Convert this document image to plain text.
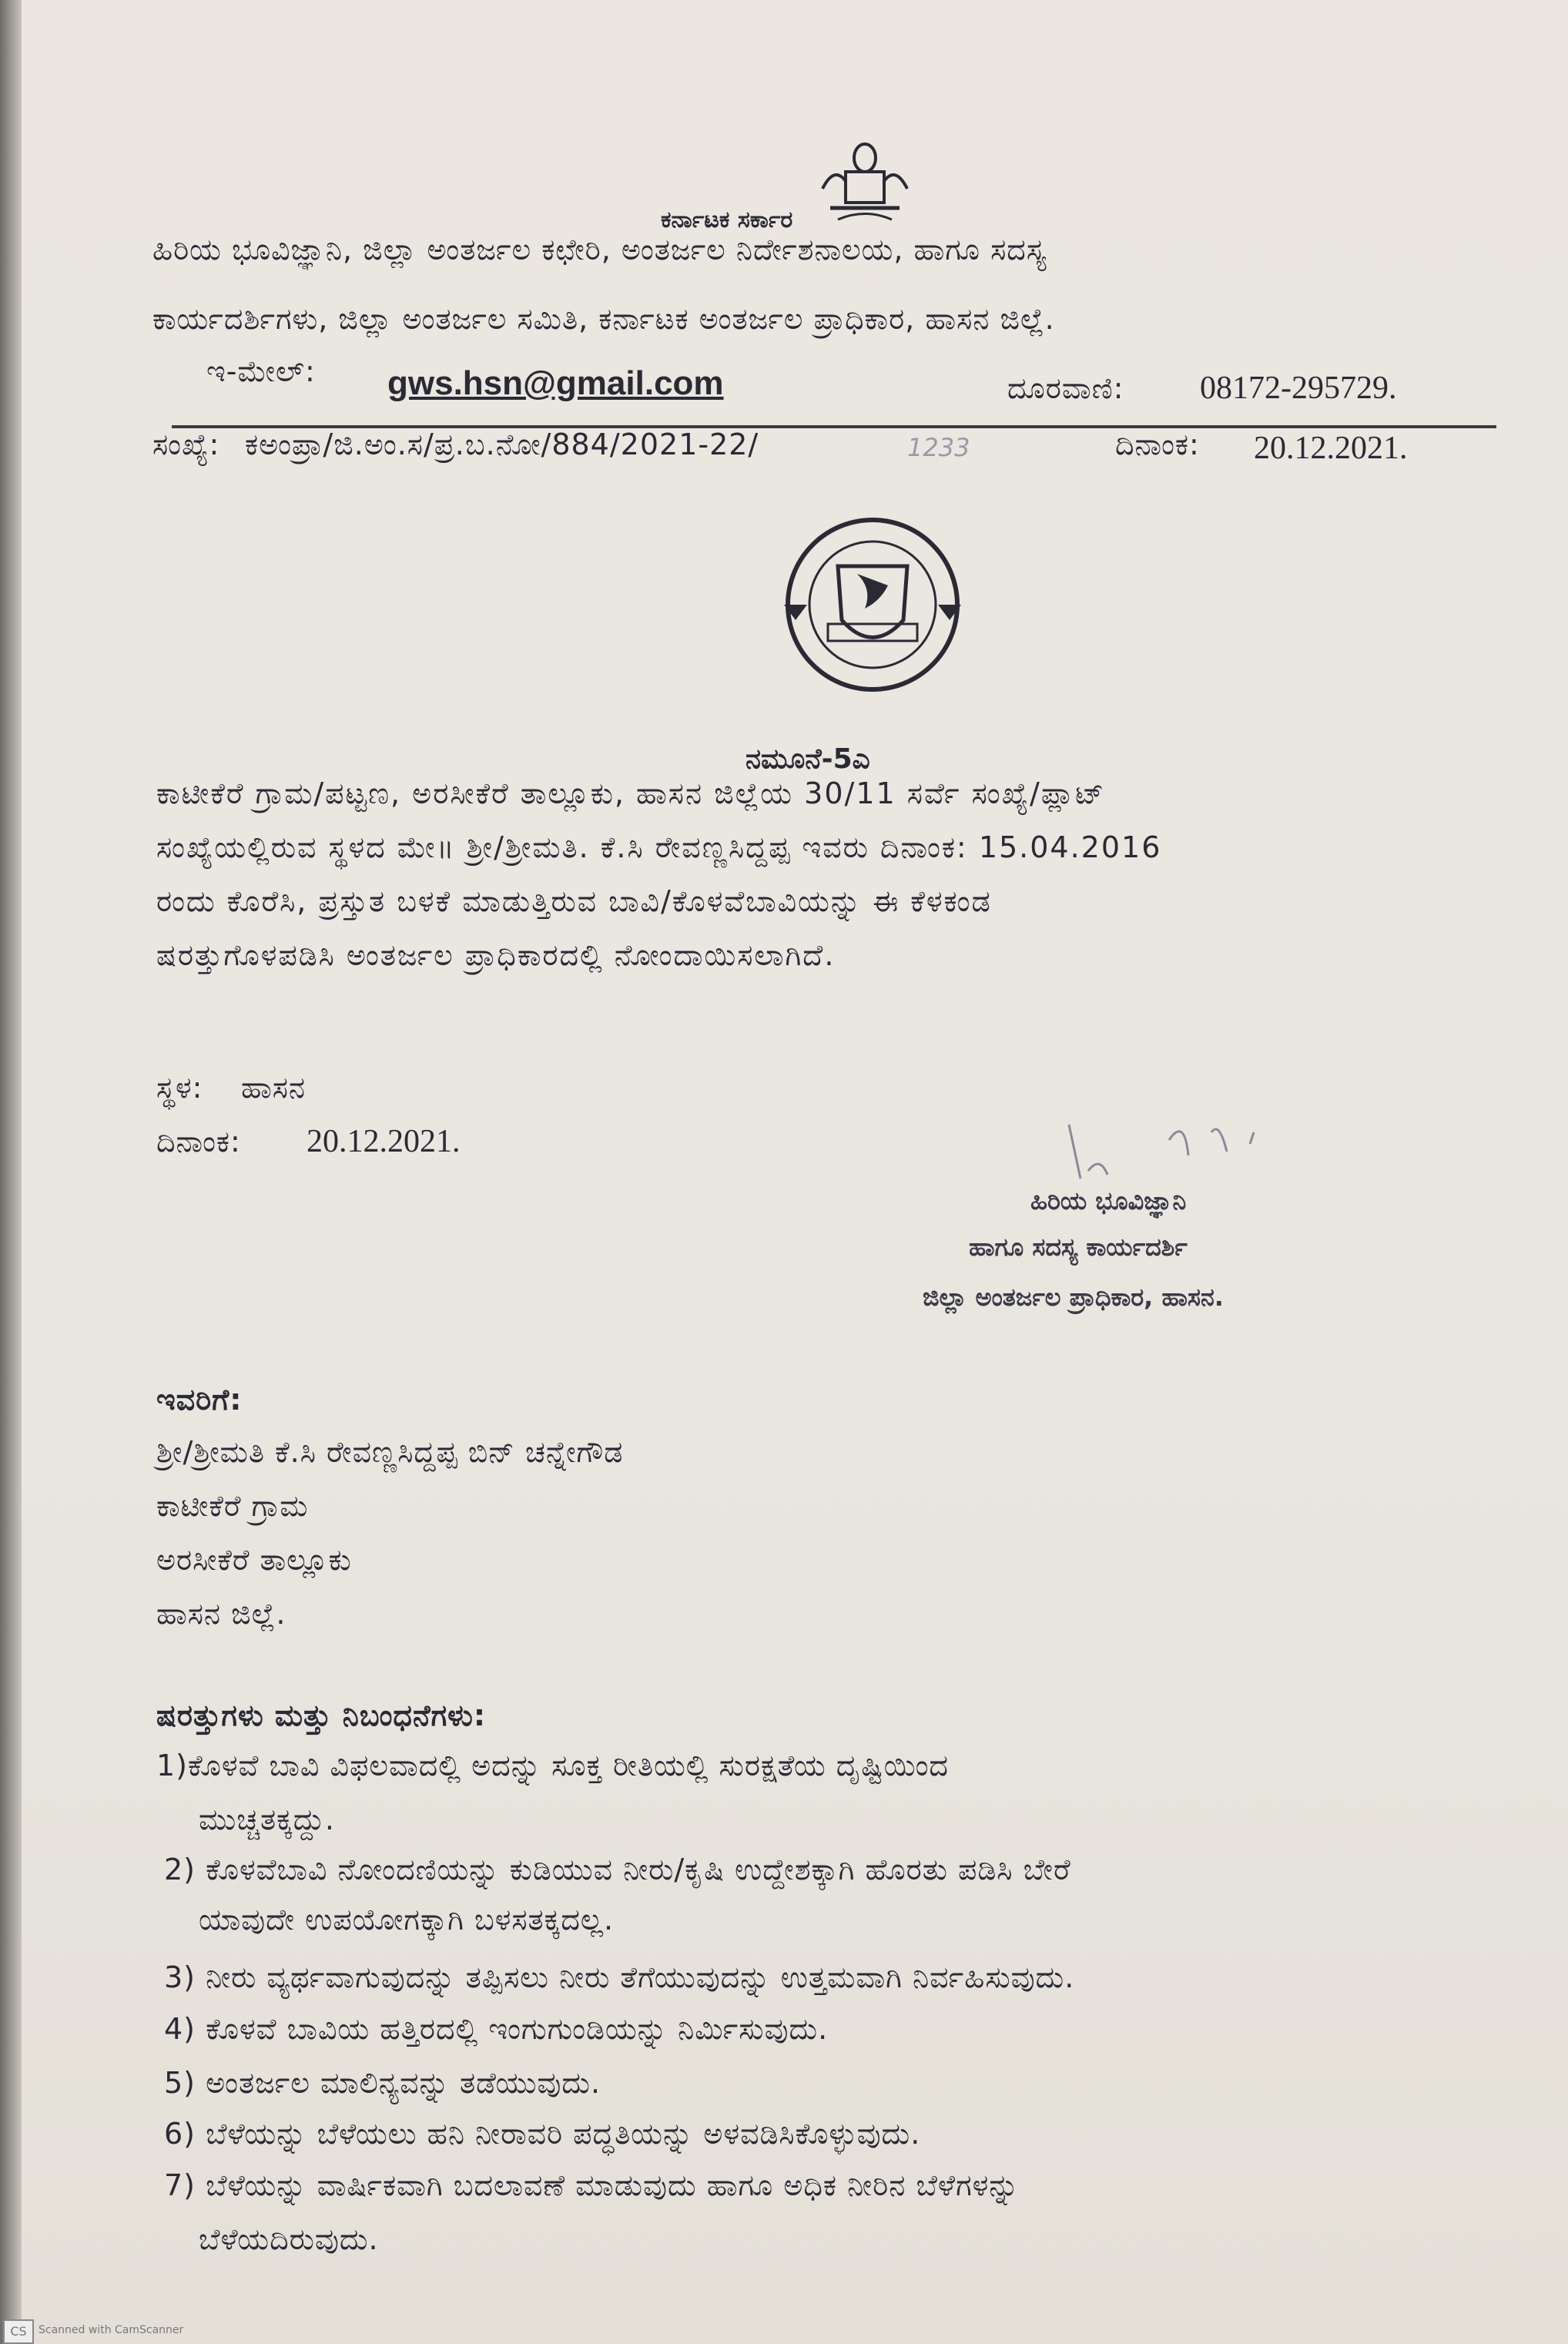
ಕರ್ನಾಟಕ ಸರ್ಕಾರ
ಹಿರಿಯ ಭೂವಿಜ್ಞಾನಿ, ಜಿಲ್ಲಾ ಅಂತರ್ಜಲ ಕಛೇರಿ, ಅಂತರ್ಜಲ ನಿರ್ದೇಶನಾಲಯ, ಹಾಗೂ ಸದಸ್ಯ
ಕಾರ್ಯದರ್ಶಿಗಳು, ಜಿಲ್ಲಾ ಅಂತರ್ಜಲ ಸಮಿತಿ, ಕರ್ನಾಟಕ ಅಂತರ್ಜಲ ಪ್ರಾಧಿಕಾರ, ಹಾಸನ ಜಿಲ್ಲೆ.
ಇ-ಮೇಲ್: gws.hsn@gmail.com	ದೂರವಾಣಿ: 08172-295729.
ಸಂಖ್ಯೆ: ಕಅಂಪ್ರಾ/ಜಿ.ಅಂ.ಸ/ಪ್ರ.ಬ.ನೋ/884/2021-22/	1233	ದಿನಾಂಕ: 20.12.2021.
ನಮೂನೆ-5ಎ
ಕಾಟೀಕೆರೆ ಗ್ರಾಮ/ಪಟ್ಟಣ, ಅರಸೀಕೆರೆ ತಾಲ್ಲೂಕು, ಹಾಸನ ಜಿಲ್ಲೆಯ 30/11 ಸರ್ವೆ ಸಂಖ್ಯೆ/ಪ್ಲಾಟ್
ಸಂಖ್ಯೆಯಲ್ಲಿರುವ ಸ್ಥಳದ ಮೇ॥ ಶ್ರೀ/ಶ್ರೀಮತಿ. ಕೆ.ಸಿ ರೇವಣ್ಣಸಿದ್ದಪ್ಪ ಇವರು ದಿನಾಂಕ: 15.04.2016
ರಂದು ಕೊರೆಸಿ, ಪ್ರಸ್ತುತ ಬಳಕೆ ಮಾಡುತ್ತಿರುವ ಬಾವಿ/ಕೊಳವೆಬಾವಿಯನ್ನು ಈ ಕೆಳಕಂಡ
ಷರತ್ತುಗೊಳಪಡಿಸಿ ಅಂತರ್ಜಲ ಪ್ರಾಧಿಕಾರದಲ್ಲಿ ನೋಂದಾಯಿಸಲಾಗಿದೆ.
ಸ್ಥಳ: ಹಾಸನ
ದಿನಾಂಕ: 20.12.2021.
ಹಿರಿಯ ಭೂವಿಜ್ಞಾನಿ
ಹಾಗೂ ಸದಸ್ಯ ಕಾರ್ಯದರ್ಶಿ
ಜಿಲ್ಲಾ ಅಂತರ್ಜಲ ಪ್ರಾಧಿಕಾರ, ಹಾಸನ.
ಇವರಿಗೆ:
ಶ್ರೀ/ಶ್ರೀಮತಿ ಕೆ.ಸಿ ರೇವಣ್ಣಸಿದ್ದಪ್ಪ ಬಿನ್ ಚನ್ನೇಗೌಡ
ಕಾಟೀಕೆರೆ ಗ್ರಾಮ
ಅರಸೀಕೆರೆ ತಾಲ್ಲೂಕು
ಹಾಸನ ಜಿಲ್ಲೆ.
ಷರತ್ತುಗಳು ಮತ್ತು ನಿಬಂಧನೆಗಳು:
1)ಕೊಳವೆ ಬಾವಿ ವಿಫಲವಾದಲ್ಲಿ ಅದನ್ನು ಸೂಕ್ತ ರೀತಿಯಲ್ಲಿ ಸುರಕ್ಷತೆಯ ದೃಷ್ಟಿಯಿಂದ
ಮುಚ್ಚತಕ್ಕದ್ದು.
2) ಕೊಳವೆಬಾವಿ ನೋಂದಣಿಯನ್ನು ಕುಡಿಯುವ ನೀರು/ಕೃಷಿ ಉದ್ದೇಶಕ್ಕಾಗಿ ಹೊರತು ಪಡಿಸಿ ಬೇರೆ
ಯಾವುದೇ ಉಪಯೋಗಕ್ಕಾಗಿ ಬಳಸತಕ್ಕದಲ್ಲ.
3) ನೀರು ವ್ಯರ್ಥವಾಗುವುದನ್ನು ತಪ್ಪಿಸಲು ನೀರು ತೆಗೆಯುವುದನ್ನು ಉತ್ತಮವಾಗಿ ನಿರ್ವಹಿಸುವುದು.
4) ಕೊಳವೆ ಬಾವಿಯ ಹತ್ತಿರದಲ್ಲಿ ಇಂಗುಗುಂಡಿಯನ್ನು ನಿರ್ಮಿಸುವುದು.
5) ಅಂತರ್ಜಲ ಮಾಲಿನ್ಯವನ್ನು ತಡೆಯುವುದು.
6) ಬೆಳೆಯನ್ನು ಬೆಳೆಯಲು ಹನಿ ನೀರಾವರಿ ಪದ್ಧತಿಯನ್ನು ಅಳವಡಿಸಿಕೊಳ್ಳುವುದು.
7) ಬೆಳೆಯನ್ನು ವಾರ್ಷಿಕವಾಗಿ ಬದಲಾವಣೆ ಮಾಡುವುದು ಹಾಗೂ ಅಧಿಕ ನೀರಿನ ಬೆಳೆಗಳನ್ನು
ಬೆಳೆಯದಿರುವುದು.
CS	Scanned with CamScanner
